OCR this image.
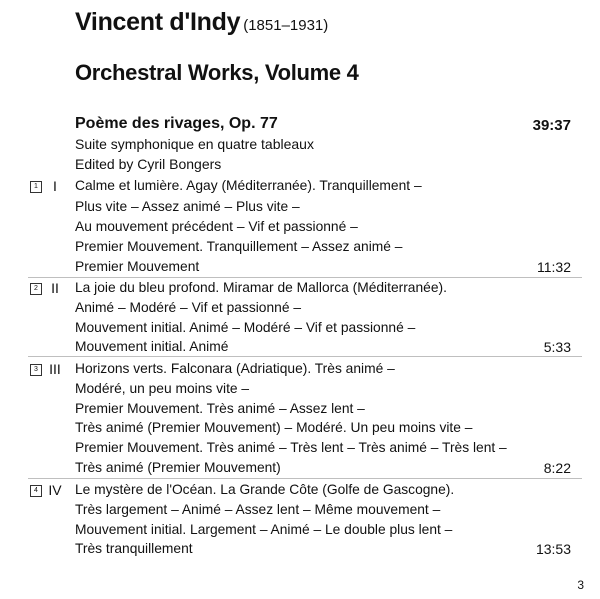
Vincent d'Indy (1851–1931)
Orchestral Works, Volume 4
Poème des rivages, Op. 77	39:37
Suite symphonique en quatre tableaux
Edited by Cyril Bongers
1	I	Calme et lumière. Agay (Méditerranée). Tranquillement –
Plus vite – Assez animé – Plus vite –
Au mouvement précédent – Vif et passionné –
Premier Mouvement. Tranquillement – Assez animé –
Premier Mouvement	11:32
2 II	La joie du bleu profond. Miramar de Mallorca (Méditerranée).
Animé – Modéré – Vif et passionné –
Mouvement initial. Animé – Modéré – Vif et passionné –
Mouvement initial. Animé	5:33
3 III	Horizons verts. Falconara (Adriatique). Très animé –
Modéré, un peu moins vite –
Premier Mouvement. Très animé – Assez lent –
Très animé (Premier Mouvement) – Modéré. Un peu moins vite –
Premier Mouvement. Très animé – Très lent – Très animé – Très lent –
Très animé (Premier Mouvement)	8:22
4 IV Le mystère de l'Océan. La Grande Côte (Golfe de Gascogne).
Très largement – Animé – Assez lent – Même mouvement –
Mouvement initial. Largement – Animé – Le double plus lent –
Très tranquillement	13:53
3
